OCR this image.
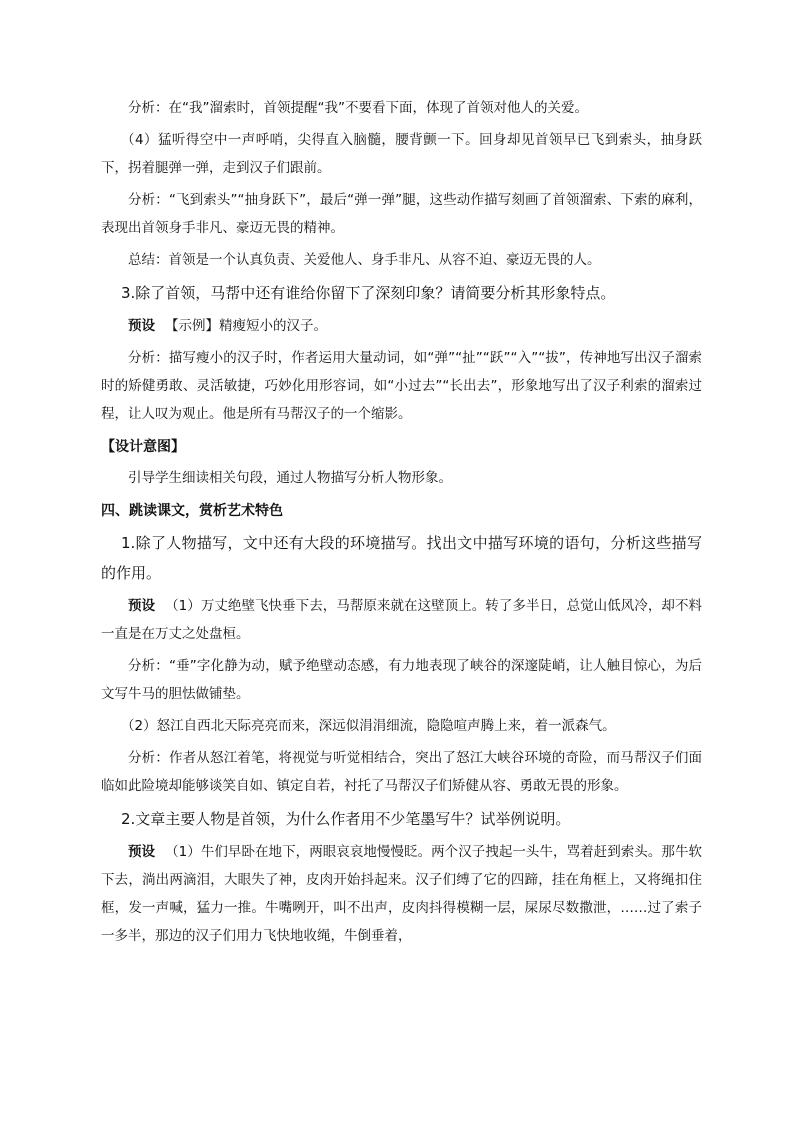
分析：在“我”溜索时，首领提醒“我”不要看下面，体现了首领对他人的关爱。

（4）猛听得空中一声呼哨，尖得直入脑髓，腰背颤一下。回身却见首领早已飞到索头，抽身跃下，拐着腿弹一弹，走到汉子们跟前。

分析：“飞到索头”“抽身跃下”，最后“弹一弹”腿，这些动作描写刻画了首领溜索、下索的麻利，表现出首领身手非凡、豪迈无畏的精神。

总结：首领是一个认真负责、关爱他人、身手非凡、从容不迫、豪迈无畏的人。

3.除了首领，马帮中还有谁给你留下了深刻印象？请简要分析其形象特点。

预设 【示例】精瘦短小的汉子。

分析：描写瘦小的汉子时，作者运用大量动词，如“弹”“扯”“跃”“入”“拔”，传神地写出汉子溜索时的矫健勇敢、灵活敏捷，巧妙化用形容词，如“小过去”“长出去”，形象地写出了汉子利索的溜索过程，让人叹为观止。他是所有马帮汉子的一个缩影。

【设计意图】

引导学生细读相关句段，通过人物描写分析人物形象。

四、跳读课文，赏析艺术特色

1.除了人物描写，文中还有大段的环境描写。找出文中描写环境的语句，分析这些描写的作用。

预设 （1）万丈绝壁飞快垂下去，马帮原来就在这壁顶上。转了多半日，总觉山低风冷，却不料一直是在万丈之处盘桓。

分析：“垂”字化静为动，赋予绝壁动态感，有力地表现了峡谷的深邃陡峭，让人触目惊心，为后文写牛马的胆怯做铺垫。

（2）怒江自西北天际亮亮而来，深远似涓涓细流，隐隐喧声腾上来，着一派森气。

分析：作者从怒江着笔，将视觉与听觉相结合，突出了怒江大峡谷环境的奇险，而马帮汉子们面临如此险境却能够谈笑自如、镇定自若，衬托了马帮汉子们矫健从容、勇敢无畏的形象。

2.文章主要人物是首领，为什么作者用不少笔墨写牛？试举例说明。

预设 （1）牛们早卧在地下，两眼哀哀地慢慢眨。两个汉子拽起一头牛，骂着赶到索头。那牛软下去，淌出两滴泪，大眼失了神，皮肉开始抖起来。汉子们缚了它的四蹄，挂在角框上，又将绳扣住框，发一声喊，猛力一推。牛嘴咧开，叫不出声，皮肉抖得模糊一层，屎尿尽数撒泄，……过了索子一多半，那边的汉子们用力飞快地收绳，牛倒垂着，
